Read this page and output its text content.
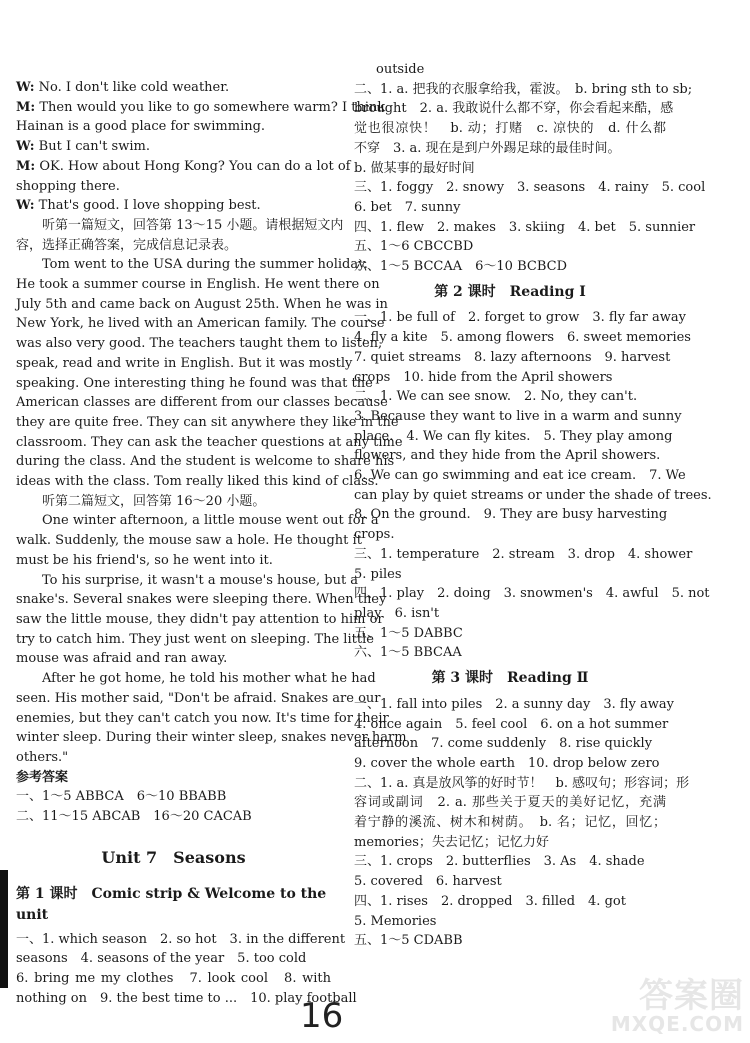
W: No. I don't like cold weather.

M: Then would you like to go somewhere warm? I think

Hainan is a good place for swimming.

W: But I can't swim.

M: OK. How about Hong Kong? You can do a lot of

shopping there.

W: That's good. I love shopping best.

听第一篇短文，回答第 13～15 小题。请根据短文内

容，选择正确答案，完成信息记录表。

Tom went to the USA during the summer holiday.

He took a summer course in English. He went there on

July 5th and came back on August 25th. When he was in

New York, he lived with an American family. The course

was also very good. The teachers taught them to listen,

speak, read and write in English. But it was mostly

speaking. One interesting thing he found was that the

American classes are different from our classes because

they are quite free. They can sit anywhere they like in the

classroom. They can ask the teacher questions at any time

during the class. And the student is welcome to share his

ideas with the class. Tom really liked this kind of class.

听第二篇短文，回答第 16～20 小题。

One winter afternoon, a little mouse went out for a

walk. Suddenly, the mouse saw a hole. He thought it

must be his friend's, so he went into it.

To his surprise, it wasn't a mouse's house, but a

snake's. Several snakes were sleeping there. When they

saw the little mouse, they didn't pay attention to him or

try to catch him. They just went on sleeping. The little

mouse was afraid and ran away.

After he got home, he told his mother what he had

seen. His mother said, "Don't be afraid. Snakes are our

enemies, but they can't catch you now. It's time for their

winter sleep. During their winter sleep, snakes never harm

others."

参考答案

一、1～5 ABBCA　6～10 BBABB

二、11～15 ABCAB　16～20 CACAB

Unit 7　Seasons
第 1 课时　Comic strip & Welcome to the unit

一、1. which season　2. so hot　3. in the different

seasons　4. seasons of the year　5. too cold

6. bring me my clothes　7. look cool　8. with

nothing on　9. the best time to ...　10. play football

outside

二、1. a. 把我的衣服拿给我，霍波。　b. bring sth to sb;

brought　2. a. 我敢说什么都不穿，你会看起来酷，感

觉也很凉快！　b. 动；打赌　c. 凉快的　d. 什么都

不穿　3. a. 现在是到户外踢足球的最佳时间。

b. 做某事的最好时间

三、1. foggy　2. snowy　3. seasons　4. rainy　5. cool

6. bet　7. sunny

四、1. flew　2. makes　3. skiing　4. bet　5. sunnier

五、1～6 CBCCBD

六、1～5 BCCAA　6～10 BCBCD

第 2 课时　Reading Ⅰ

一、1. be full of　2. forget to grow　3. fly far away

4. fly a kite　5. among flowers　6. sweet memories

7. quiet streams　8. lazy afternoons　9. harvest

crops　10. hide from the April showers

二、1. We can see snow.　2. No, they can't.

3. Because they want to live in a warm and sunny

place.　4. We can fly kites.　5. They play among

flowers, and they hide from the April showers.

6. We can go swimming and eat ice cream.　7. We

can play by quiet streams or under the shade of trees.

8. On the ground.　9. They are busy harvesting

crops.

三、1. temperature　2. stream　3. drop　4. shower

5. piles

四、1. play　2. doing　3. snowmen's　4. awful　5. not

play　6. isn't

五、1～5 DABBC

六、1～5 BBCAA

第 3 课时　Reading Ⅱ

一、1. fall into piles　2. a sunny day　3. fly away

4. once again　5. feel cool　6. on a hot summer

afternoon　7. come suddenly　8. rise quickly

9. cover the whole earth　10. drop below zero

二、1. a. 真是放风筝的好时节！　b. 感叹句；形容词；形

容词或副词　2. a. 那些关于夏天的美好记忆，充满

着宁静的溪流、树木和树荫。　b. 名；记忆，回忆；

memories；失去记忆；记忆力好

三、1. crops　2. butterflies　3. As　4. shade

5. covered　6. harvest

四、1. rises　2. dropped　3. filled　4. got

5. Memories

五、1～5 CDABB

16	答案圈
MXQE.COM
